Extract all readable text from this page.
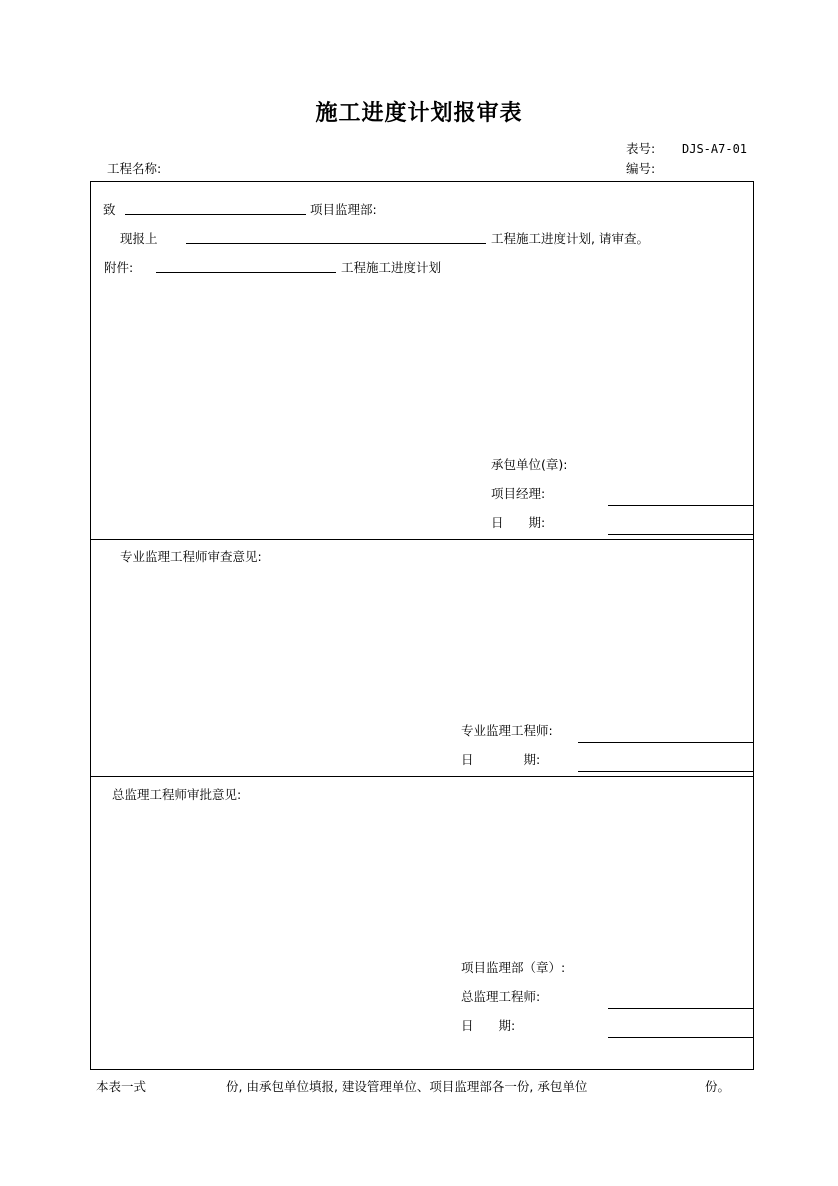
施工进度计划报审表
表号: DJS-A7-01
编号:
工程名称:
致	项目监理部:
现报上	工程施工进度计划, 请审查。
附件:	工程施工进度计划
承包单位(章):
项目经理:
日　　期:
专业监理工程师审查意见:
专业监理工程师:
日　　　　期:
总监理工程师审批意见:
项目监理部（章）:
总监理工程师:
日　　期:
本表一式	份, 由承包单位填报, 建设管理单位、项目监理部各一份, 承包单位	份。
